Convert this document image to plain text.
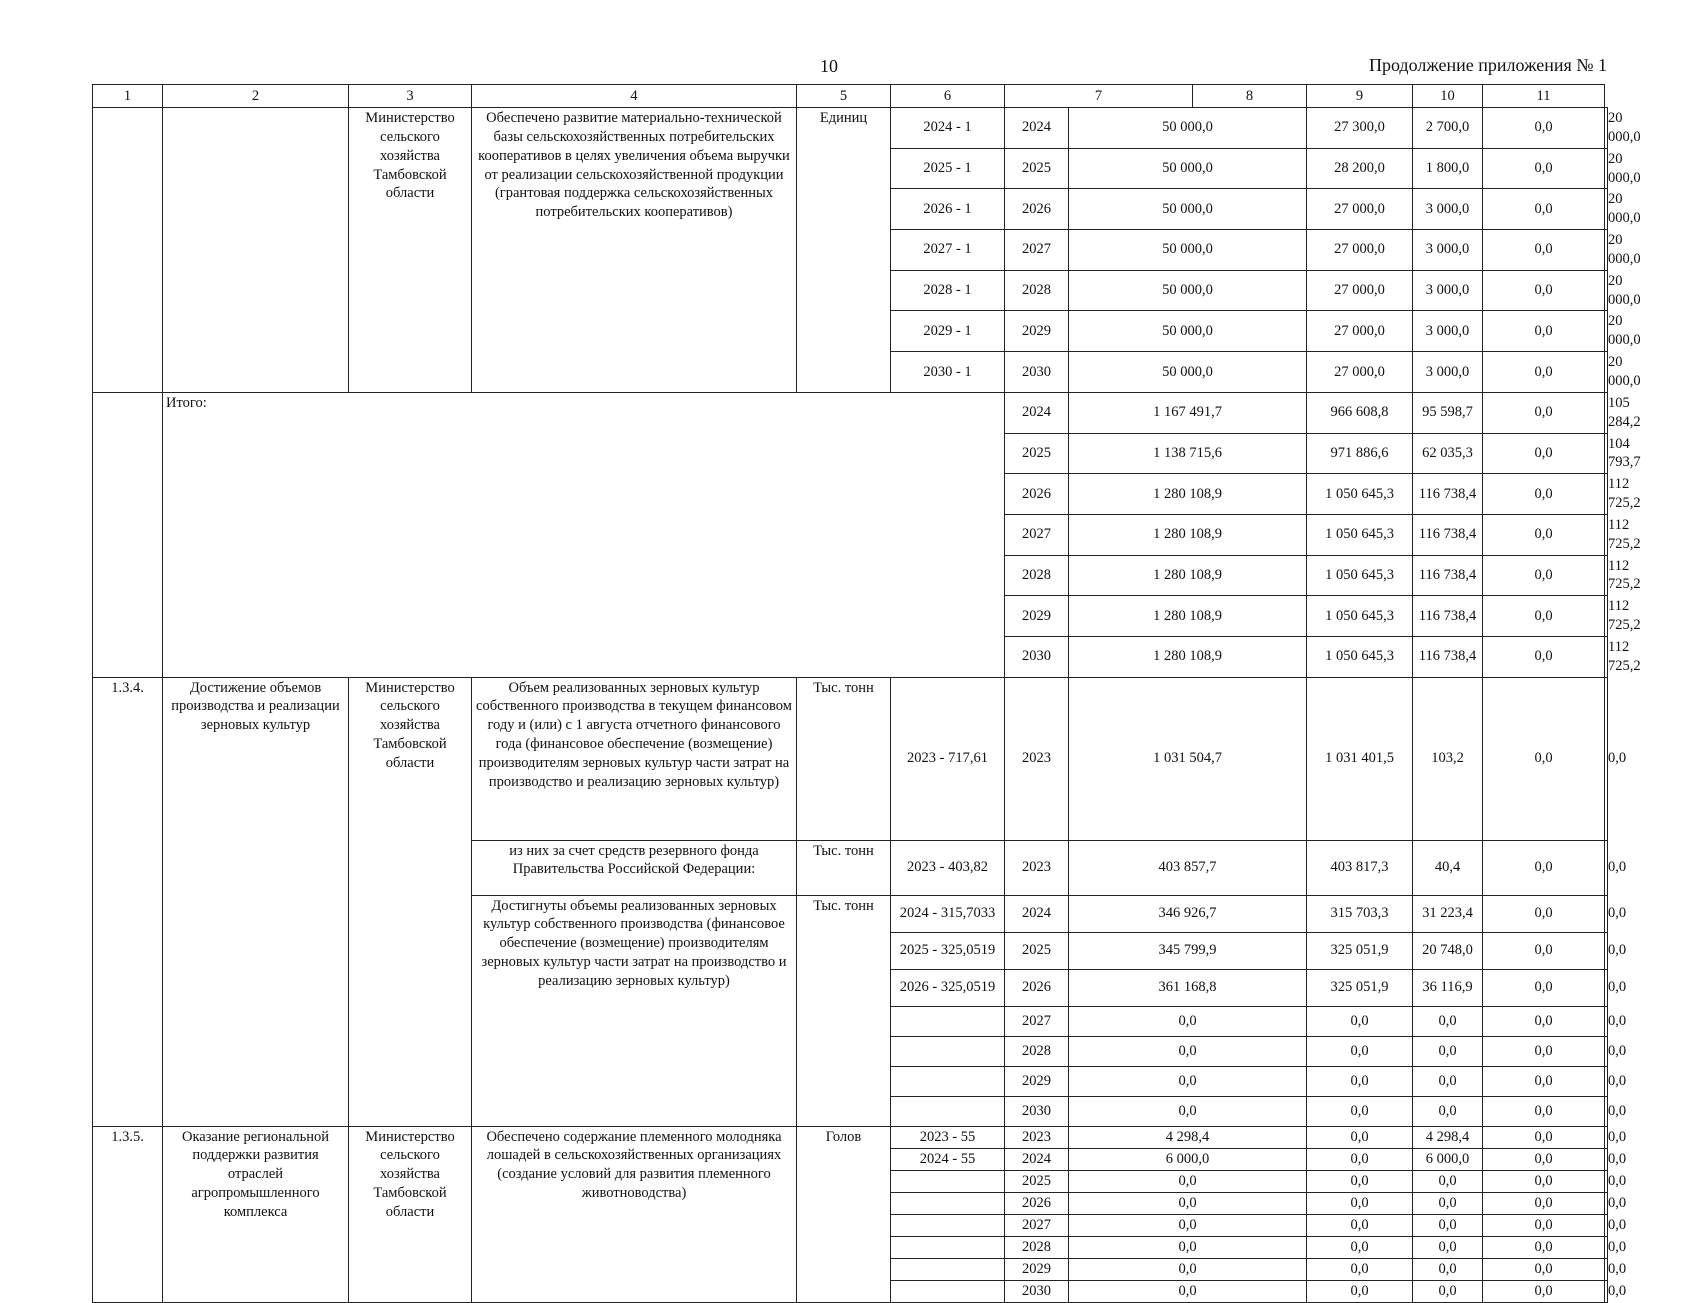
10	Продолжение приложения № 1
1	2	3	4	5	6	7		8	9	10	11	
		Министерство сельского хозяйства Тамбовской области	Обеспечено развитие материально-технической базы сельскохозяйственных потребительских кооперативов в целях увеличения объема выручки от реализации сельскохозяйственной продукции (грантовая поддержка сельскохозяйственных потребительских кооперативов)	Единиц	2024 - 1	2024	50 000,0		27 300,0	2 700,0	0,0	20 000,0
					2025 - 1	2025	50 000,0		28 200,0	1 800,0	0,0	20 000,0
					2026 - 1	2026	50 000,0		27 000,0	3 000,0	0,0	20 000,0
					2027 - 1	2027	50 000,0		27 000,0	3 000,0	0,0	20 000,0
					2028 - 1	2028	50 000,0		27 000,0	3 000,0	0,0	20 000,0
					2029 - 1	2029	50 000,0		27 000,0	3 000,0	0,0	20 000,0
					2030 - 1	2030	50 000,0		27 000,0	3 000,0	0,0	20 000,0
	Итого:					2024	1 167 491,7		966 608,8	95 598,7	0,0	105 284,2
						2025	1 138 715,6		971 886,6	62 035,3	0,0	104 793,7
						2026	1 280 108,9		1 050 645,3	116 738,4	0,0	112 725,2
						2027	1 280 108,9		1 050 645,3	116 738,4	0,0	112 725,2
						2028	1 280 108,9		1 050 645,3	116 738,4	0,0	112 725,2
						2029	1 280 108,9		1 050 645,3	116 738,4	0,0	112 725,2
						2030	1 280 108,9		1 050 645,3	116 738,4	0,0	112 725,2
1.3.4.	Достижение объемов производства и реализации зерновых культур	Министерство сельского хозяйства Тамбовской области	Объем реализованных зерновых культур собственного производства в текущем финансовом году и (или) с 1 августа отчетного финансового года (финансовое обеспечение (возмещение) производителям зерновых культур части затрат на производство и реализацию зерновых культур)	Тыс. тонн	2023 - 717,61	2023	1 031 504,7		1 031 401,5	103,2	0,0	0,0
			из них за счет средств резервного фонда Правительства Российской Федерации:	Тыс. тонн	2023 - 403,82	2023	403 857,7		403 817,3	40,4	0,0	0,0
			Достигнуты объемы реализованных зерновых культур собственного производства (финансовое обеспечение (возмещение) производителям зерновых культур части затрат на производство и реализацию зерновых культур)	Тыс. тонн	2024 - 315,7033	2024	346 926,7		315 703,3	31 223,4	0,0	0,0
					2025 - 325,0519	2025	345 799,9		325 051,9	20 748,0	0,0	0,0
					2026 - 325,0519	2026	361 168,8		325 051,9	36 116,9	0,0	0,0
						2027	0,0		0,0	0,0	0,0	0,0
						2028	0,0		0,0	0,0	0,0	0,0
						2029	0,0		0,0	0,0	0,0	0,0
						2030	0,0		0,0	0,0	0,0	0,0
1.3.5.	Оказание региональной поддержки развития отраслей агропромышленного комплекса	Министерство сельского хозяйства Тамбовской области	Обеспечено содержание племенного молодняка лошадей в сельскохозяйственных организациях (создание условий для развития племенного животноводства)	Голов	2023 - 55	2023	4 298,4		0,0	4 298,4	0,0	0,0
					2024 - 55	2024	6 000,0		0,0	6 000,0	0,0	0,0
						2025	0,0		0,0	0,0	0,0	0,0
						2026	0,0		0,0	0,0	0,0	0,0
						2027	0,0		0,0	0,0	0,0	0,0
						2028	0,0		0,0	0,0	0,0	0,0
						2029	0,0		0,0	0,0	0,0	0,0
						2030	0,0		0,0	0,0	0,0	0,0
